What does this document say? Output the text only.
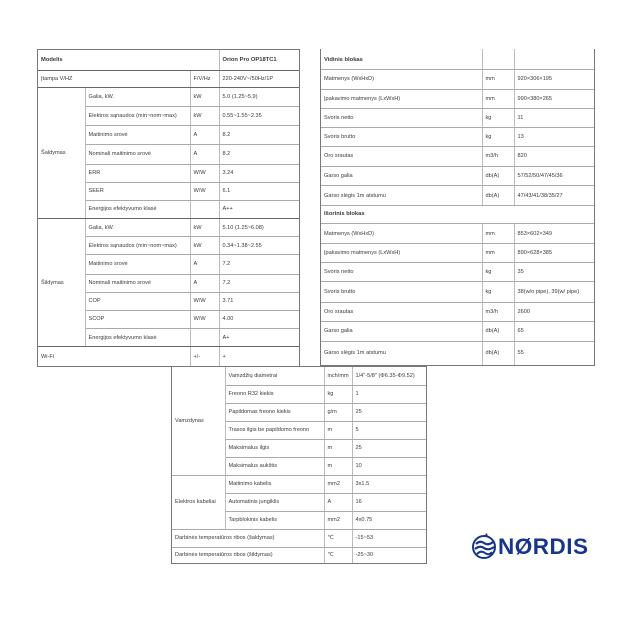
Modelis			Orion Pro OP18TC1
Įtampa V/HZ		F/V/Hz	220-240V~/50Hz/1P
Šaldymas	Galia, kW.	kW	5.0 (1.25~5.9)
	Elektros sąnaudos (min~nom~max)	kW	0.55~1.55~2.35
	Maitinimo srovė	A	8.2
	Nominali maitinimo srovė	A	8.2
	ERR	W/W	3.24
	SEER	W/W	6.1
	Energijos efektyvumo klasė		A++
Šildymas	Galia, kW.	kW	5.10 (1.25~6.08)
	Elektros sąnaudos (min~nom~max)	kW	0.34~1.38~2.55
	Maitinimo srovė	A	7.2
	Nominali maitinimo srovė	A	7.2
	COP	W/W	3.71
	SCOP	W/W	4.00
	Energijos efektyvumo klasė		A+
Wi-Fi		+/-	+

Vidinis blokas		
Matmenys (WxHxD)	mm	920×306×195
Įpakavimo matmenys (LxWxH)	mm	990×380×265
Svoris netto	kg	11
Svoris brutto	kg	13
Oro srautas	m3/h	820
Garso galia	db(A)	57/52/50/47/45/36
Garso slėgis 1m atstumu	db(A)	47/43/41/38/35/27
Išorinis blokas		
Matmenys (WxHxD)	mm	853×602×349
Įpakavimo matmenys (LxWxH)	mm	890×628×385
Svoris netto	kg	35
Svoris brutto	kg	38(w/o pipe), 39(w/ pipe)
Oro srautas	m3/h	2600
Garso galia	db(A)	65
Garso slėgis 1m atstumu	db(A)	55
Vamzdynas	Vamzdžių diametrai	inch/mm	1/4"-5/8" (Φ6.35-Φ9.52)
	Freono R32 kiekis	kg	1
	Papildomas freono kiekis	g/m	25
	Trasos ilgis be papildomo freono	m	5
	Maksimalus ilgis	m	25
	Maksimalus aukštis	m	10
Elektros kabeliai	Maitinimo kabelis	mm2	3x1.5
	Automatinis jungiklis	A	16
	Tarpblokinis kabelis	mm2	4x0.75
Darbinės temperatūros ribos (šaldymas)		℃	-15~53
Darbinės temperatūros ribos (šildymas)		℃	-25~30	NØRDIS
